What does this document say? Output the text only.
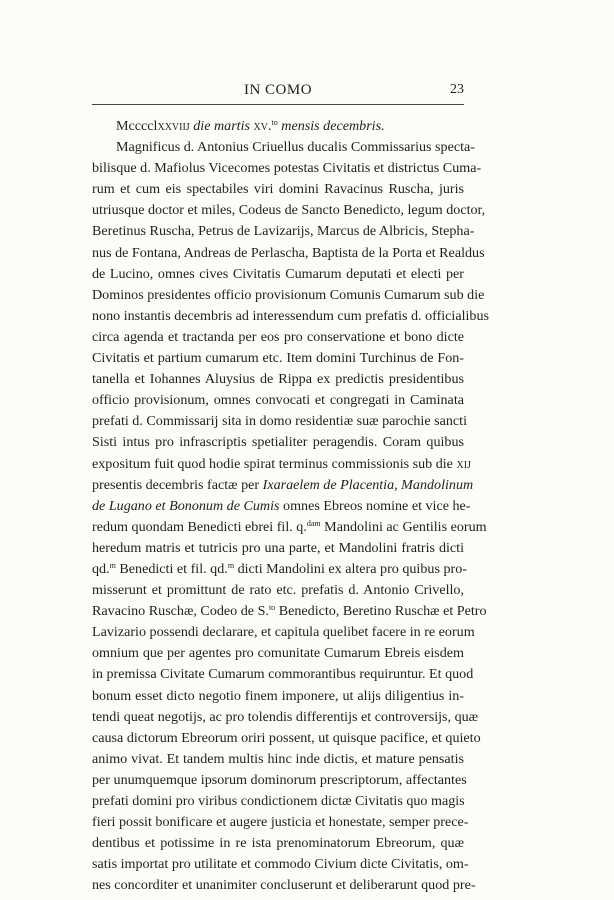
IN COMO	23
Mcccclxxviij die martis xv.$^{to}$ mensis decembris.
Magnificus d. Antonius Criuellus ducalis Commissarius specta-
bilisque d. Mafiolus Vicecomes potestas Civitatis et districtus Cuma-
rum et cum eis spectabiles viri domini Ravacinus Ruscha, juris
utriusque doctor et miles, Codeus de Sancto Benedicto, legum doctor,
Beretinus Ruscha, Petrus de Lavizarijs, Marcus de Albricis, Stepha-
nus de Fontana, Andreas de Perlascha, Baptista de la Porta et Realdus
de Lucino, omnes cives Civitatis Cumarum deputati et electi per
Dominos presidentes officio provisionum Comunis Cumarum sub die
nono instantis decembris ad interessendum cum prefatis d. officialibus
circa agenda et tractanda per eos pro conservatione et bono dicte
Civitatis et partium cumarum etc. Item domini Turchinus de Fon-
tanella et Iohannes Aluysius de Rippa ex predictis presidentibus
officio provisionum, omnes convocati et congregati in Caminata
prefati d. Commissarij sita in domo residentiæ suæ parochie sancti
Sisti intus pro infrascriptis spetialiter peragendis. Coram quibus
expositum fuit quod hodie spirat terminus commissionis sub die xij
presentis decembris factæ per Ixaraelem de Placentia, Mandolinum
de Lugano et Bononum de Cumis omnes Ebreos nomine et vice he-
redum quondam Benedicti ebrei fil. q.$^{dam}$ Mandolini ac Gentilis eorum
heredum matris et tutricis pro una parte, et Mandolini fratris dicti
qd.$^m$ Benedicti et fil. qd.$^m$ dicti Mandolini ex altera pro quibus pro-
misserunt et promittunt de rato etc. prefatis d. Antonio Crivello,
Ravacino Ruschæ, Codeo de S.$^{to}$ Benedicto, Beretino Ruschæ et Petro
Lavizario possendi declarare, et capitula quelibet facere in re eorum
omnium que per agentes pro comunitate Cumarum Ebreis eisdem
in premissa Civitate Cumarum commorantibus requiruntur. Et quod
bonum esset dicto negotio finem imponere, ut alijs diligentius in-
tendi queat negotijs, ac pro tolendis differentijs et controversijs, quæ
causa dictorum Ebreorum oriri possent, ut quisque pacifice, et quieto
animo vivat. Et tandem multis hinc inde dictis, et mature pensatis
per unumquemque ipsorum dominorum prescriptorum, affectantes
prefati domini pro viribus condictionem dictæ Civitatis quo magis
fieri possit bonificare et augere justicia et honestate, semper prece-
dentibus et potissime in re ista prenominatorum Ebreorum, quæ
satis importat pro utilitate et commodo Civium dicte Civitatis, om-
nes concorditer et unanimiter concluserunt et deliberarunt quod pre-
